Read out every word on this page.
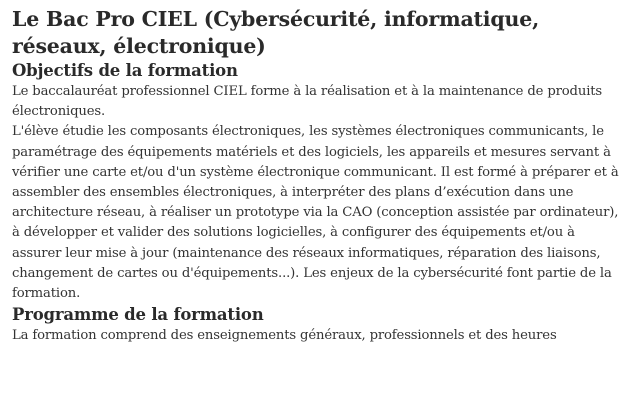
Le Bac Pro CIEL (Cybersécurité, informatique, réseaux, électronique)
Objectifs de la formation

Le baccalauréat professionnel CIEL forme à la réalisation et à la maintenance de produits électroniques.

L'élève étudie les composants électroniques, les systèmes électroniques communicants, le paramétrage des équipements matériels et des logiciels, les appareils et mesures servant à vérifier une carte et/ou d'un système électronique communicant. Il est formé à préparer et à assembler des ensembles électroniques, à interpréter des plans d’exécution dans une architecture réseau, à réaliser un prototype via la CAO (conception assistée par ordinateur), à développer et valider des solutions logicielles, à configurer des équipements et/ou à assurer leur mise à jour (maintenance des réseaux informatiques, réparation des liaisons, changement de cartes ou d'équipements...). Les enjeux de la cybersécurité font partie de la formation.

Programme de la formation

La formation comprend des enseignements généraux, professionnels et des heures
